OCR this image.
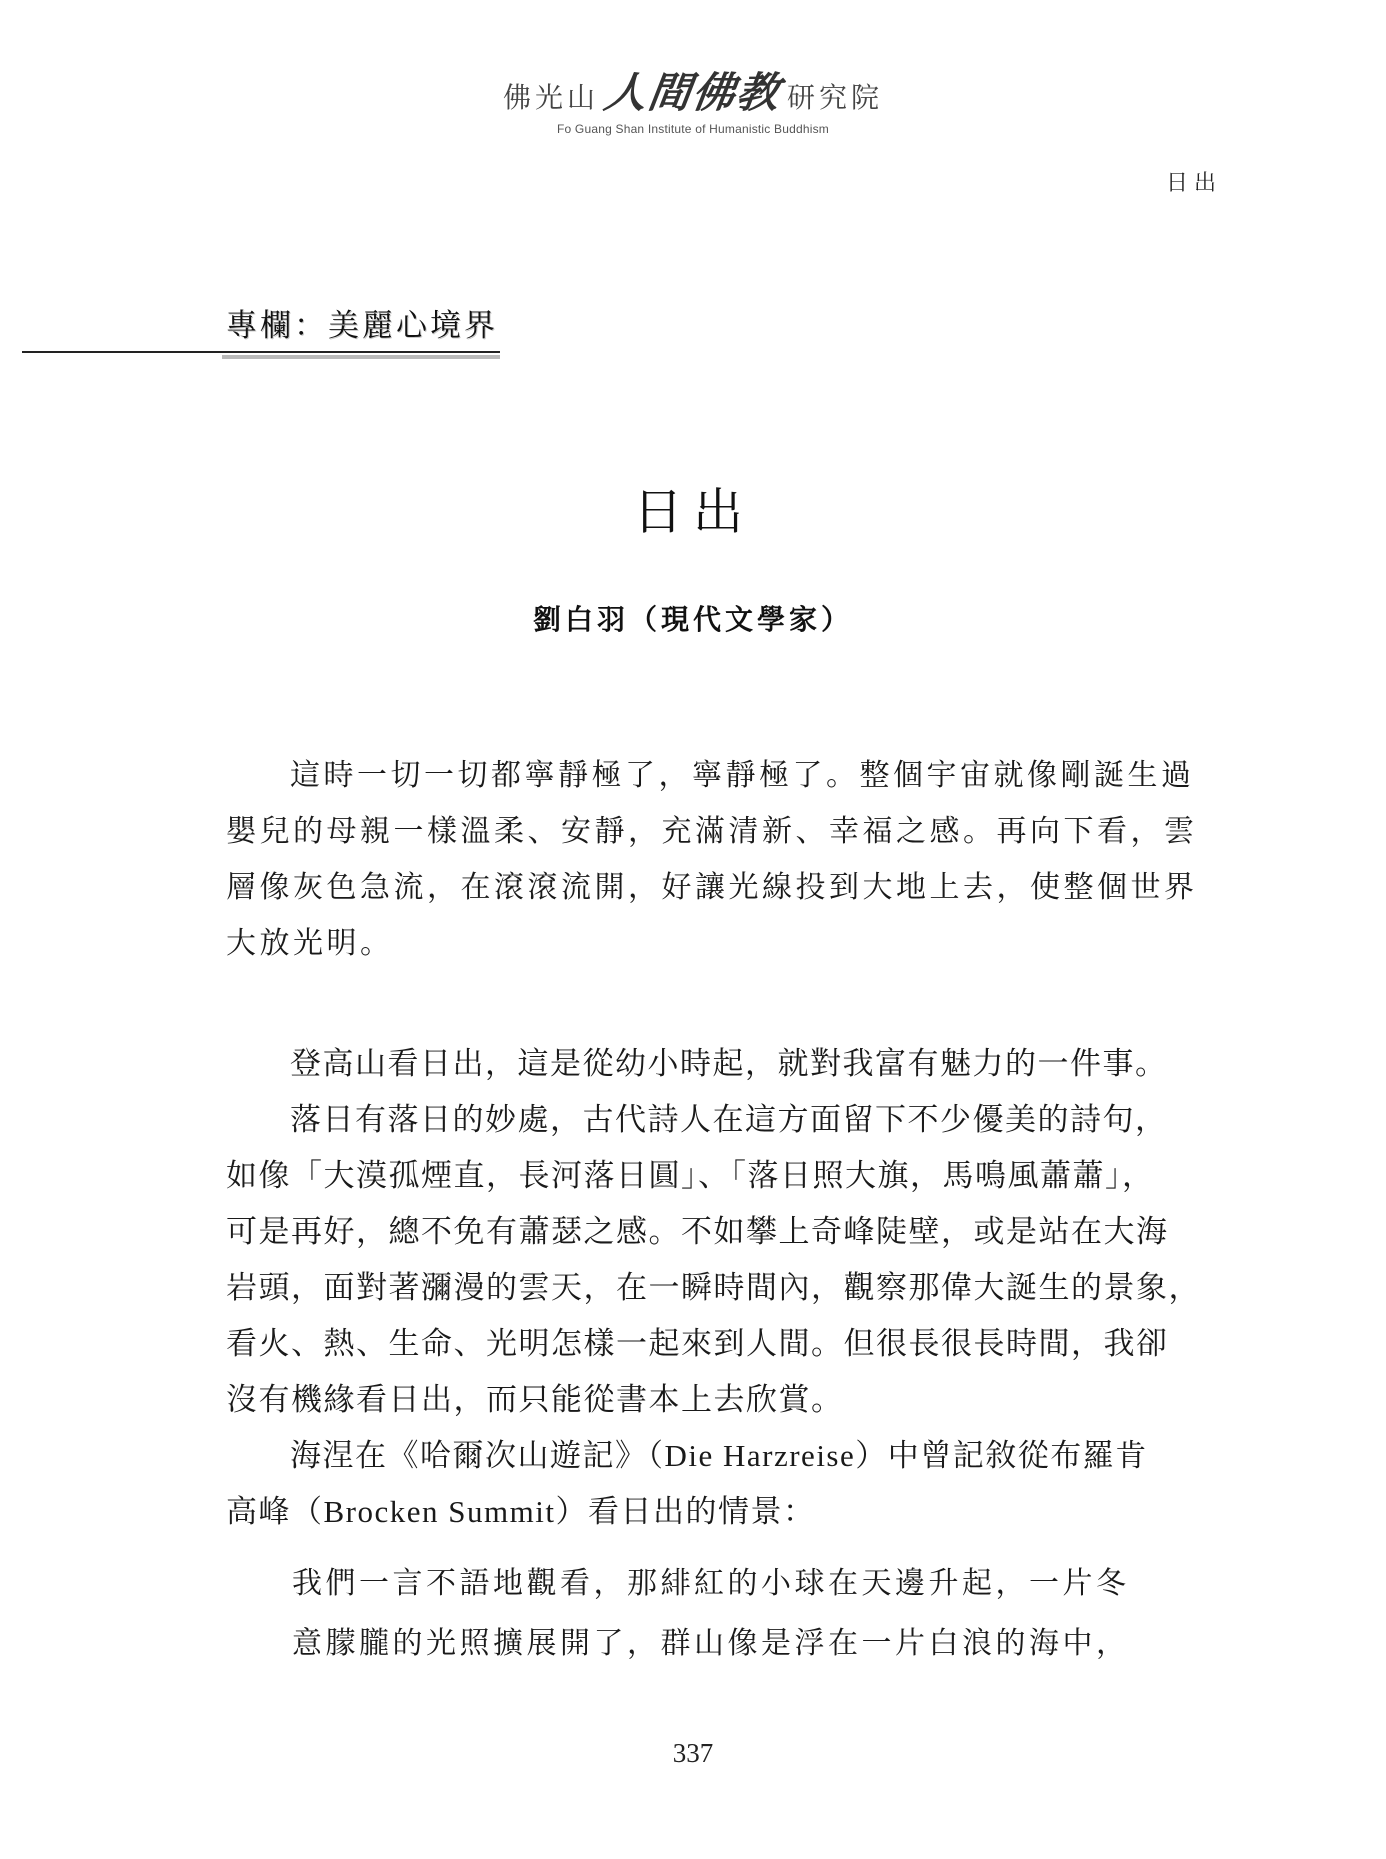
佛光山 人間佛教 研究院
Fo Guang Shan Institute of Humanistic Buddhism
日出
專欄：美麗心境界
日出
劉白羽（現代文學家）
這時一切一切都寧靜極了，寧靜極了。整個宇宙就像剛誕生過
嬰兒的母親一樣溫柔、安靜，充滿清新、幸福之感。再向下看，雲
層像灰色急流，在滾滾流開，好讓光線投到大地上去，使整個世界
大放光明。
登高山看日出，這是從幼小時起，就對我富有魅力的一件事。
落日有落日的妙處，古代詩人在這方面留下不少優美的詩句，
如像「大漠孤煙直，長河落日圓」、「落日照大旗，馬鳴風蕭蕭」，
可是再好，總不免有蕭瑟之感。不如攀上奇峰陡壁，或是站在大海
岩頭，面對著瀰漫的雲天，在一瞬時間內，觀察那偉大誕生的景象，
看火、熱、生命、光明怎樣一起來到人間。但很長很長時間，我卻
沒有機緣看日出，而只能從書本上去欣賞。
海涅在《哈爾次山遊記》（Die Harzreise）中曾記敘從布羅肯
高峰（Brocken Summit）看日出的情景：
我們一言不語地觀看，那緋紅的小球在天邊升起，一片冬
意朦朧的光照擴展開了，群山像是浮在一片白浪的海中，
337
